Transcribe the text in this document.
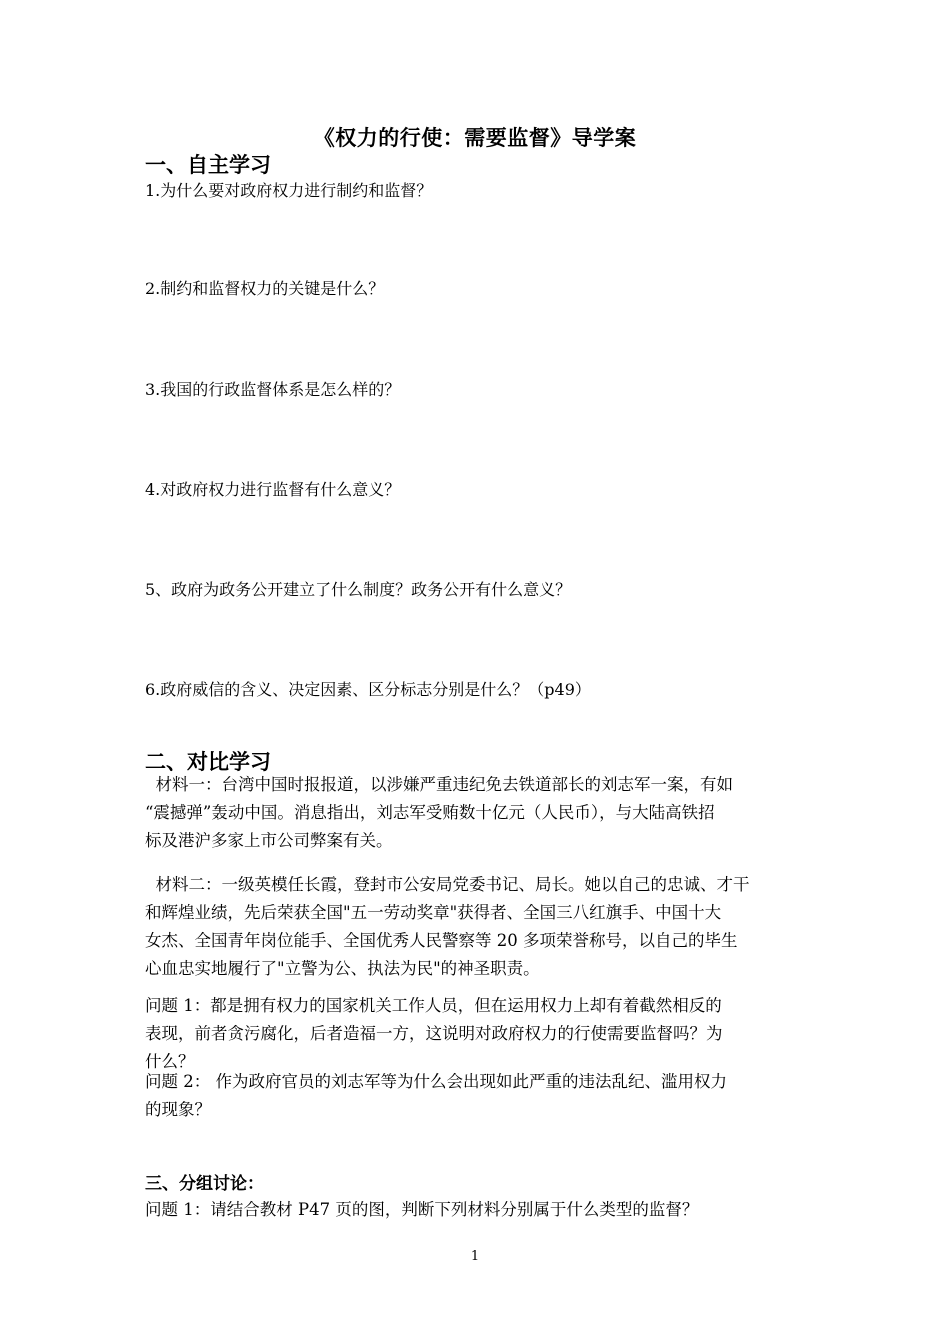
《权力的行使：需要监督》导学案
一、自主学习
1.为什么要对政府权力进行制约和监督？
2.制约和监督权力的关键是什么？
3.我国的行政监督体系是怎么样的？
4.对政府权力进行监督有什么意义？
5、政府为政务公开建立了什么制度？政务公开有什么意义？
6.政府威信的含义、决定因素、区分标志分别是什么？（p49）
二、对比学习
材料一：台湾中国时报报道，以涉嫌严重违纪免去铁道部长的刘志军一案，有如
“震撼弹”轰动中国。消息指出，刘志军受贿数十亿元（人民币），与大陆高铁招
标及港沪多家上市公司弊案有关。
材料二：一级英模任长霞，登封市公安局党委书记、局长。她以自己的忠诚、才干
和辉煌业绩，先后荣获全国"五一劳动奖章"获得者、全国三八红旗手、中国十大
女杰、全国青年岗位能手、全国优秀人民警察等 20 多项荣誉称号，以自己的毕生
心血忠实地履行了"立警为公、执法为民"的神圣职责。
问题 1：都是拥有权力的国家机关工作人员，但在运用权力上却有着截然相反的
表现，前者贪污腐化，后者造福一方，这说明对政府权力的行使需要监督吗？为
什么？
问题 2： 作为政府官员的刘志军等为什么会出现如此严重的违法乱纪、滥用权力
的现象？
三、分组讨论：
问题 1：请结合教材 P47 页的图，判断下列材料分别属于什么类型的监督？
1
